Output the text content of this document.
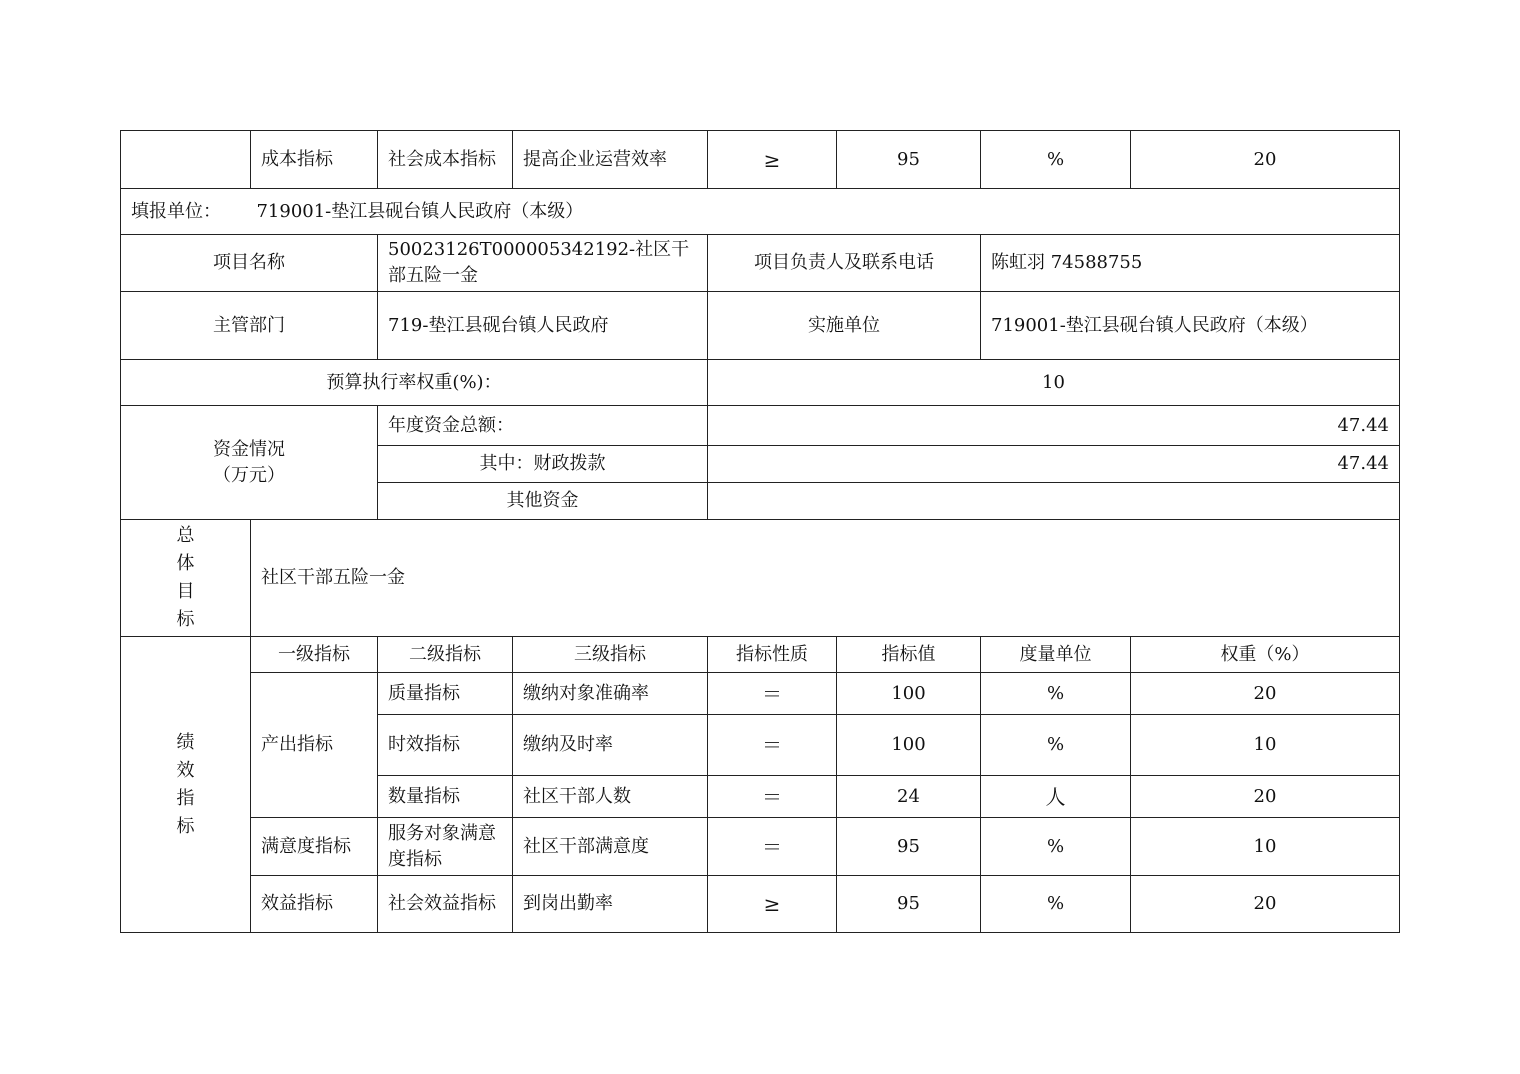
	成本指标	社会成本指标	提高企业运营效率	≥	95	%	20
填报单位： 719001-垫江县砚台镇人民政府（本级）							
项目名称		50023126T000005342192-社区干部五险一金		项目负责人及联系电话		陈虹羽 74588755	
主管部门		719-垫江县砚台镇人民政府		实施单位		719001-垫江县砚台镇人民政府（本级）	
预算执行率权重(%)：				10			

资金情况
（万元）		年度资金总额：		47.44			
		其中：财政拨款		47.44			
		其他资金					

总
体
目
标	社区干部五险一金						

绩
效
指
标	一级指标	二级指标	三级指标	指标性质	指标值	度量单位	权重（%）
	产出指标	质量指标	缴纳对象准确率	＝	100	%	20
		时效指标	缴纳及时率	＝	100	%	10
		数量指标	社区干部人数	＝	24	人	20
	满意度指标	服务对象满意度指标	社区干部满意度	＝	95	%	10
	效益指标	社会效益指标	到岗出勤率	≥	95	%	20
